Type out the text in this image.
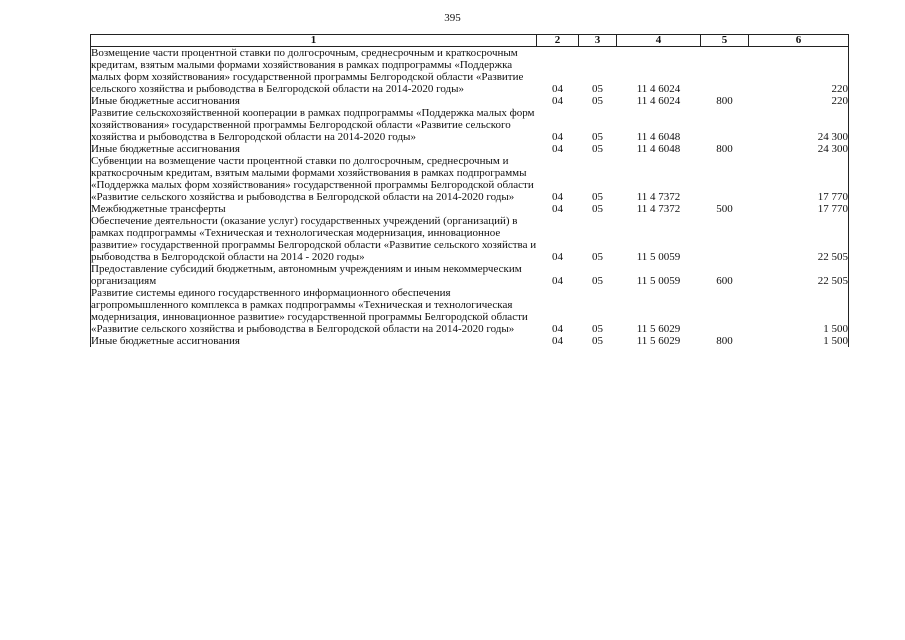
395
1	2	3	4	5	6
Возмещение части процентной ставки по долгосрочным, среднесрочным и краткосрочным кредитам, взятым малыми формами хозяйствования в рамках подпрограммы «Поддержка малых форм хозяйствования» государственной программы Белгородской области «Развитие сельского хозяйства и рыбоводства в Белгородской области на 2014-2020 годы»	04	05	11 4 6024		220
Иные бюджетные ассигнования	04	05	11 4 6024	800	220
Развитие сельскохозяйственной кооперации в рамках подпрограммы «Поддержка малых форм хозяйствования» государственной программы Белгородской области «Развитие сельского хозяйства и рыбоводства в Белгородской области на 2014-2020 годы»	04	05	11 4 6048		24 300
Иные бюджетные ассигнования	04	05	11 4 6048	800	24 300
Субвенции на возмещение части процентной ставки по долгосрочным, среднесрочным и краткосрочным кредитам, взятым малыми формами хозяйствования в рамках подпрограммы «Поддержка малых форм хозяйствования» государственной программы Белгородской области «Развитие сельского хозяйства и рыбоводства в Белгородской области на 2014-2020 годы»	04	05	11 4 7372		17 770
Межбюджетные трансферты	04	05	11 4 7372	500	17 770
Обеспечение деятельности (оказание услуг) государственных учреждений (организаций) в рамках подпрограммы «Техническая и технологическая модернизация, инновационное развитие» государственной программы Белгородской области «Развитие сельского хозяйства и рыбоводства в Белгородской области на 2014 - 2020 годы»	04	05	11 5 0059		22 505
Предоставление субсидий бюджетным, автономным учреждениям и иным некоммерческим организациям	04	05	11 5 0059	600	22 505
Развитие системы единого государственного информационного обеспечения агропромышленного комплекса в рамках подпрограммы «Техническая и технологическая модернизация, инновационное развитие» государственной программы Белгородской области «Развитие сельского хозяйства и рыбоводства в Белгородской области на 2014-2020 годы»	04	05	11 5 6029		1 500
Иные бюджетные ассигнования	04	05	11 5 6029	800	1 500
